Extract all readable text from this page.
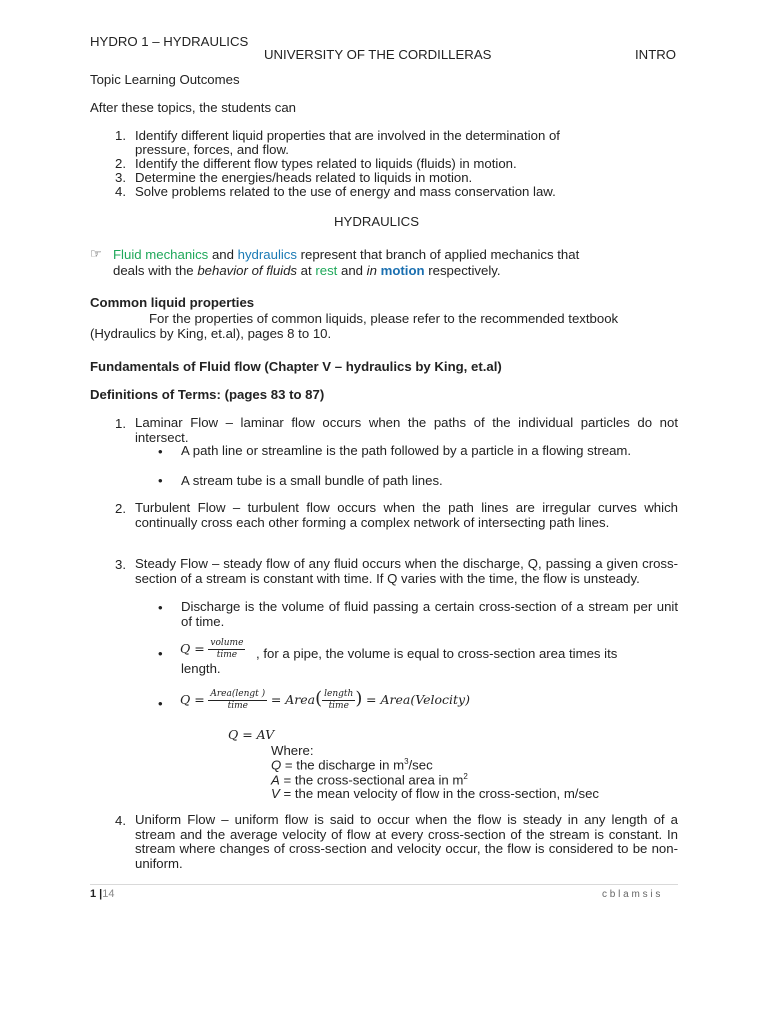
HYDRO 1 – HYDRAULICS
UNIVERSITY OF THE CORDILLERAS	INTRO
Topic Learning Outcomes
After these topics, the students can
1. Identify different liquid properties that are involved in the determination of
pressure, forces, and flow.
2. Identify the different flow types related to liquids (fluids) in motion.
3. Determine the energies/heads related to liquids in motion.
4. Solve problems related to the use of energy and mass conservation law.
HYDRAULICS
☞ Fluid mechanics and hydraulics represent that branch of applied mechanics that
deals with the behavior of fluids at rest and in motion respectively.
Common liquid properties
For the properties of common liquids, please refer to the recommended textbook
(Hydraulics by King, et.al), pages 8 to 10.
Fundamentals of Fluid flow (Chapter V – hydraulics by King, et.al)
Definitions of Terms: (pages 83 to 87)
1. Laminar Flow – laminar flow occurs when the paths of the individual particles do not intersect.
• A path line or streamline is the path followed by a particle in a flowing stream.
• A stream tube is a small bundle of path lines.
2. Turbulent Flow – turbulent flow occurs when the path lines are irregular curves which continually cross each other forming a complex network of intersecting path lines.
3. Steady Flow – steady flow of any fluid occurs when the discharge, Q, passing a given cross-section of a stream is constant with time. If Q varies with the time, the flow is unsteady.
• Discharge is the volume of fluid passing a certain cross-section of a stream per unit of time.
• $Q = \frac{\text{volume}}{\text{time}}$ , for a pipe, the volume is equal to cross-section area times its
length.
• $Q = \frac{\text{Area(lengt )}}{\text{time}}$ = Area( $\frac{\text{length}}{\text{time}}$ ) = Area(Velocity)
Q = AV
Where:
Q = the discharge in $m^3/\sec$
A = the cross-sectional area in $m^2$
V = the mean velocity of flow in the cross-section, m/sec
4. Uniform Flow – uniform flow is said to occur when the flow is steady in any length of a stream and the average velocity of flow at every cross-section of the stream is constant. In stream where changes of cross-section and velocity occur, the flow is considered to be non-uniform.
1 |14	c b l a m s i s
